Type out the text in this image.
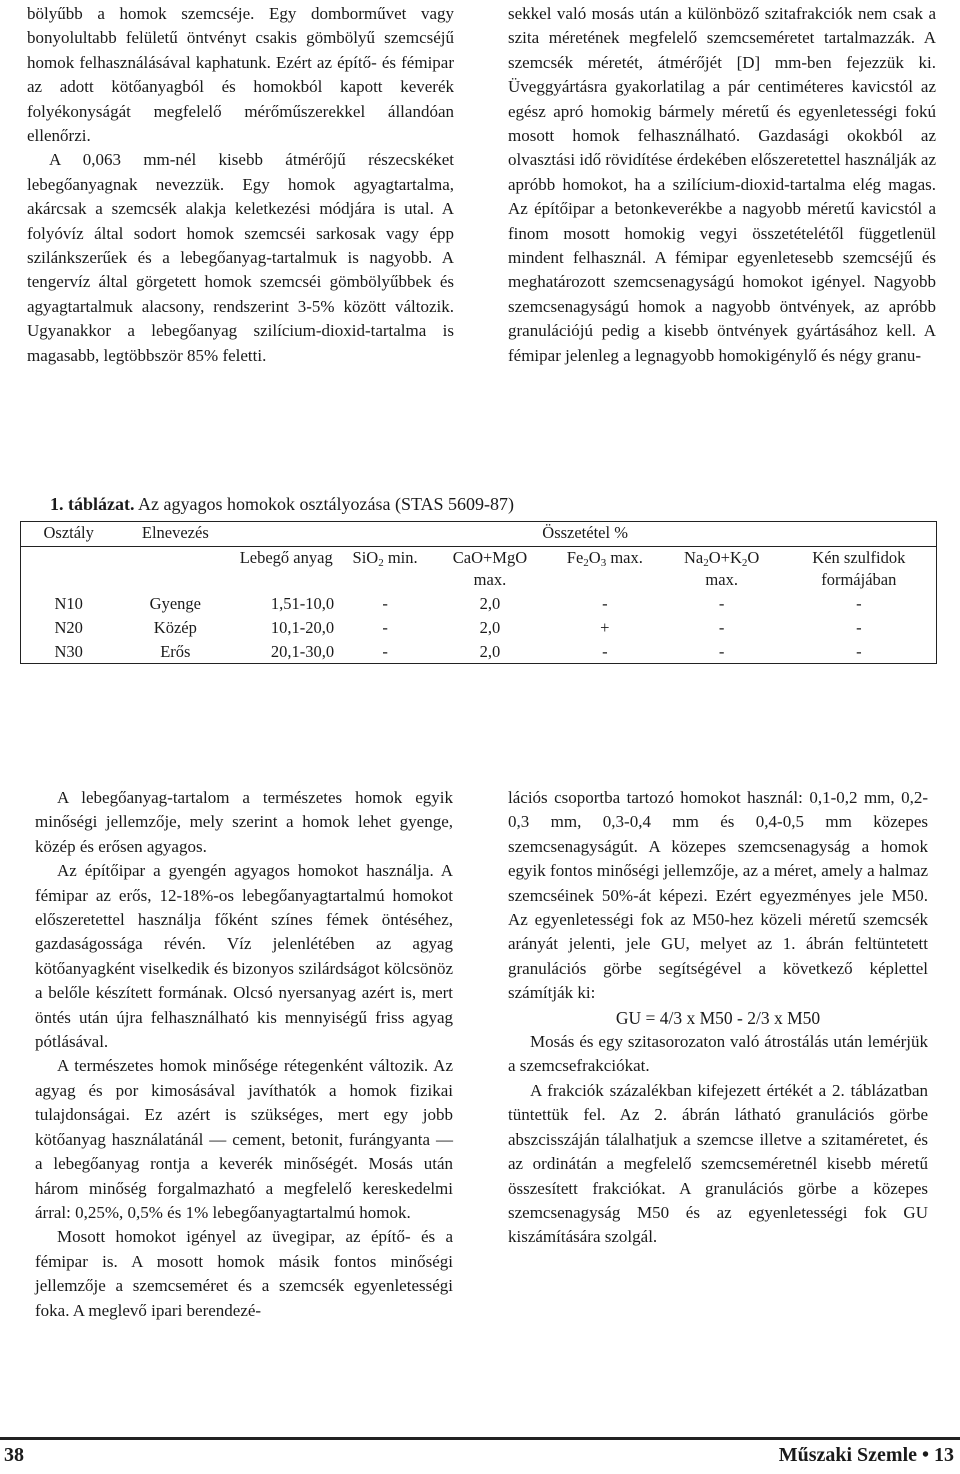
bölyűbb a homok szemcséje. Egy domborművet vagy bonyolultabb felületű öntvényt csakis gömbölyű szemcséjű homok felhasználásával kaphatunk. Ezért az építő- és fémipar az adott kötőanyagból és homokból kapott keverék folyékonyságát megfelelő mérőműszerekkel állandóan ellenőrzi.

A 0,063 mm-nél kisebb átmérőjű részecskéket lebegőanyagnak nevezzük. Egy homok agyagtartalma, akárcsak a szemcsék alakja keletkezési módjára is utal. A folyóvíz által sodort homok szemcséi sarkosak vagy épp szilánkszerűek és a lebegőanyag-tartalmuk is nagyobb. A tengervíz által görgetett homok szemcséi gömbölyűbbek és agyagtartalmuk alacsony, rendszerint 3-5% között változik. Ugyanakkor a lebegőanyag szilícium-dioxid-tartalma is magasabb, legtöbbször 85% feletti.

sekkel való mosás után a különböző szitafrakciók nem csak a szita méretének megfelelő szemcseméretet tartalmazzák. A szemcsék méretét, átmérőjét [D] mm-ben fejezzük ki. Üveggyártásra gyakorlatilag a pár centiméteres kavicstól az egész apró homokig bármely méretű és egyenletességi fokú mosott homok felhasználható. Gazdasági okokból az olvasztási idő rövidítése érdekében előszeretettel használják az apróbb homokot, ha a szilícium-dioxid-tartalma elég magas. Az építőipar a betonkeverékbe a nagyobb méretű kavicstól a finom mosott homokig vegyi összetételétől függetlenül mindent felhasznál. A fémipar egyenletesebb szemcséjű és meghatározott szemcsenagyságú homokot igényel. Nagyobb szemcsenagyságú homok a nagyobb öntvények, az apróbb granulációjú pedig a kisebb öntvények gyártásához kell. A fémipar jelenleg a legnagyobb homokigénylő és négy granu-

1. táblázat. Az agyagos homokok osztályozása (STAS 5609-87)
Osztály	Elnevezés	Összetétel %					
		Lebegő anyag	SiO$_2$ min.	CaO+MgO max.	$Fe_2O_3$ max.	$Na_2O+K_2O$ max.	Kén szulfidok formájában
N10	Gyenge	1,51-10,0	-	2,0	-	-	-
N20	Közép	10,1-20,0	-	2,0	+	-	-
N30	Erős	20,1-30,0	-	2,0	-	-	-

A lebegőanyag-tartalom a természetes homok egyik minőségi jellemzője, mely szerint a homok lehet gyenge, közép és erősen agyagos.

Az építőipar a gyengén agyagos homokot használja. A fémipar az erős, 12-18%-os lebegőanyagtartalmú homokot előszeretettel használja főként színes fémek öntéséhez, gazdaságossága révén. Víz jelenlétében az agyag kötőanyagként viselkedik és bizonyos szilárdságot kölcsönöz a belőle készített formának. Olcsó nyersanyag azért is, mert öntés után újra felhasználható kis mennyiségű friss agyag pótlásával.

A természetes homok minősége rétegenként változik. Az agyag és por kimosásával javíthatók a homok fizikai tulajdonságai. Ez azért is szükséges, mert egy jobb kötőanyag használatánál — cement, betonit, furángyanta — a lebegőanyag rontja a keverék minőségét. Mosás után három minőség forgalmazható a megfelelő kereskedelmi árral: 0,25%, 0,5% és 1% lebegőanyagtartalmú homok.

Mosott homokot igényel az üvegipar, az építő- és a fémipar is. A mosott homok másik fontos minőségi jellemzője a szemcseméret és a szemcsék egyenletességi foka. A meglevő ipari berendezé-

lációs csoportba tartozó homokot használ: 0,1-0,2 mm, 0,2-0,3 mm, 0,3-0,4 mm és 0,4-0,5 mm közepes szemcsenagyságút. A közepes szemcsenagyság a homok egyik fontos minőségi jellemzője, az a méret, amely a halmaz szemcséinek 50%-át képezi. Ezért egyezményes jele M50. Az egyenletességi fok az M50-hez közeli méretű szemcsék arányát jelenti, jele GU, melyet az 1. ábrán feltüntetett granulációs görbe segítségével a következő képlettel számítják ki:

GU = 4/3 x M50 - 2/3 x M50

Mosás és egy szitasorozaton való átrostálás után lemérjük a szemcsefrakciókat.

A frakciók százalékban kifejezett értékét a 2. táblázatban tüntettük fel. Az 2. ábrán látható granulációs görbe abszcisszáján tálalhatjuk a szemcse illetve a szitaméretet, és az ordinátán a megfelelő szemcseméretnél kisebb méretű összesített frakciókat. A granulációs görbe a közepes szemcsenagyság M50 és az egyenletességi fok GU kiszámítására szolgál.

38	Műszaki Szemle • 13
